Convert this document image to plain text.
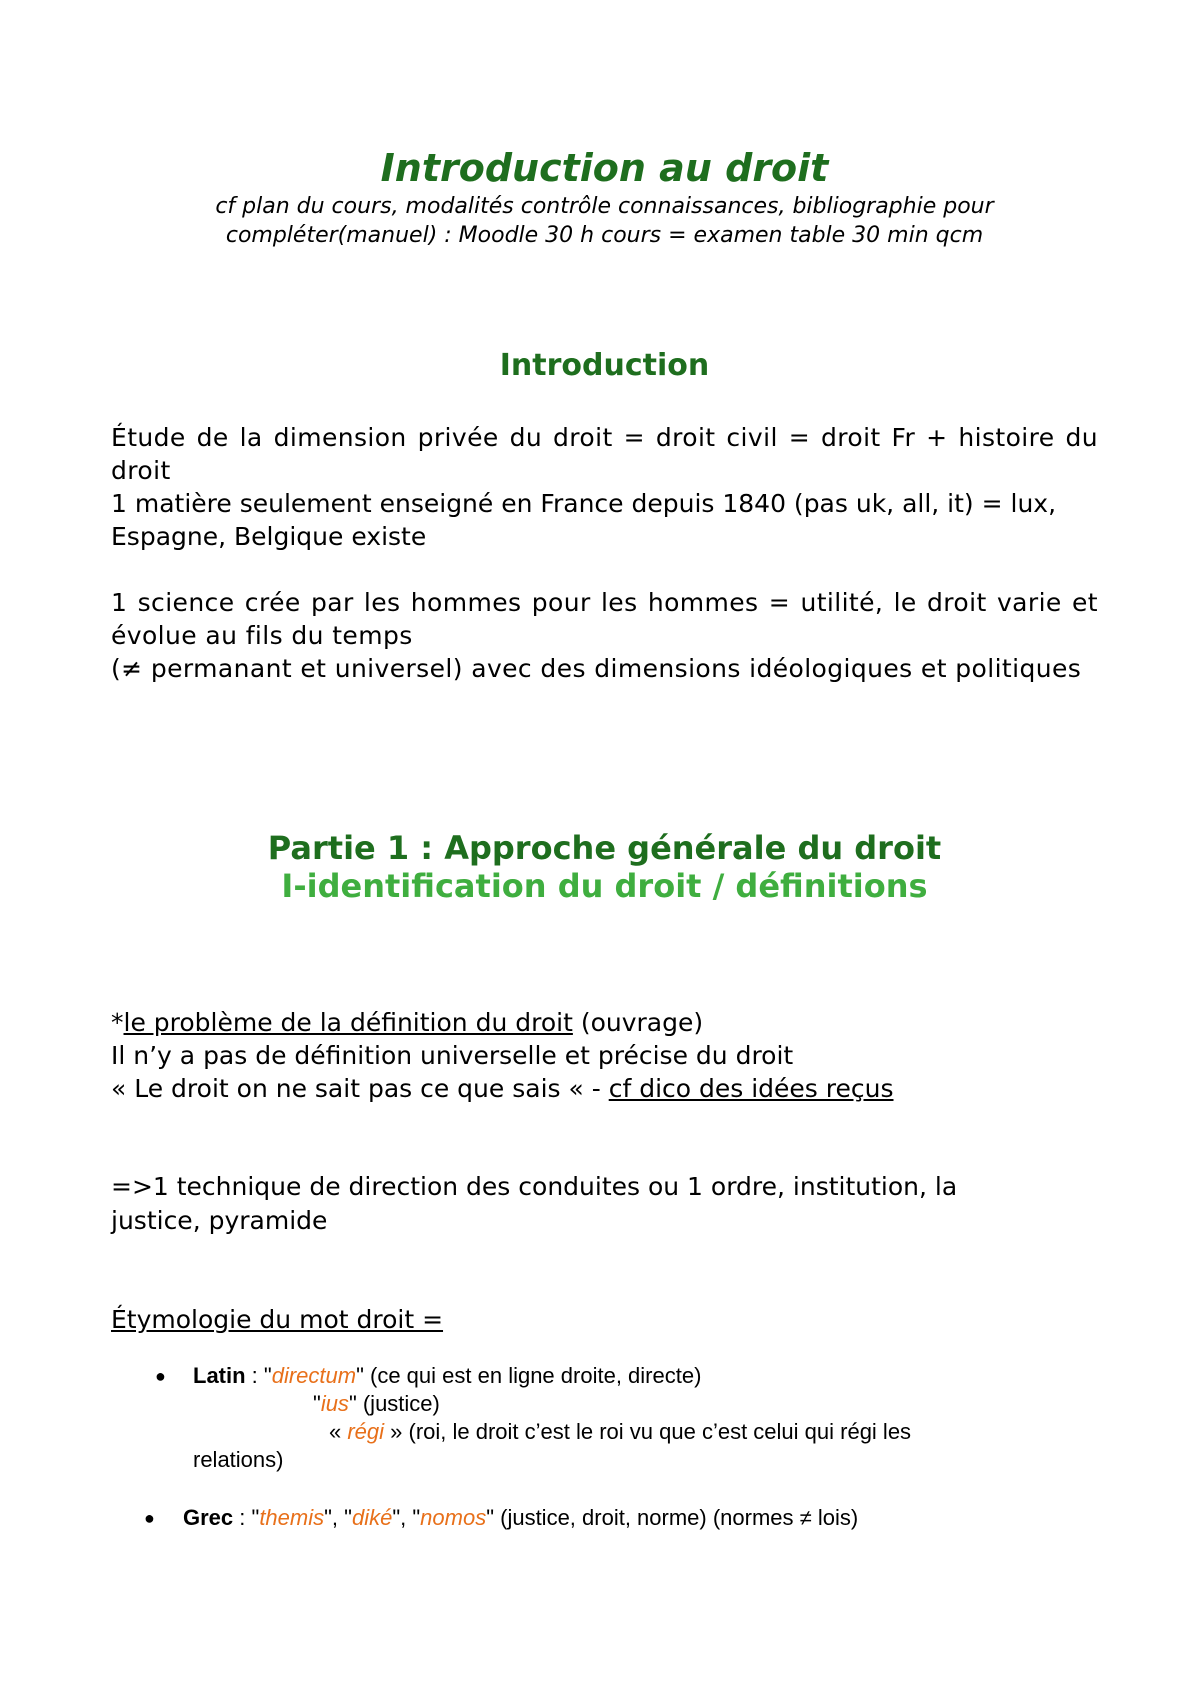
Introduction au droit
cf plan du cours, modalités contrôle connaissances, bibliographie pour
compléter(manuel) : Moodle 30 h cours = examen table 30 min qcm
Introduction

Étude de la dimension privée du droit = droit civil = droit Fr + histoire du droit

1 matière seulement enseigné en France depuis 1840 (pas uk, all, it) = lux, Espagne, Belgique existe

1 science crée par les hommes pour les hommes = utilité, le droit varie et évolue au fils du temps

(≠ permanant et universel) avec des dimensions idéologiques et politiques

Partie 1 : Approche générale du droit
I-identification du droit / définitions
*le problème de la définition du droit (ouvrage)
Il n’y a pas de définition universelle et précise du droit
« Le droit on ne sait pas ce que sais « - cf dico des idées reçus
=>1 technique de direction des conduites ou 1 ordre, institution, la
justice, pyramide
Étymologie du mot droit =
● Latin : "directum" (ce qui est en ligne droite, directe)
"ius" (justice)
« régi » (roi, le droit c’est le roi vu que c’est celui qui régi les
relations)
● Grec : "themis", "diké", "nomos" (justice, droit, norme) (normes ≠ lois)
